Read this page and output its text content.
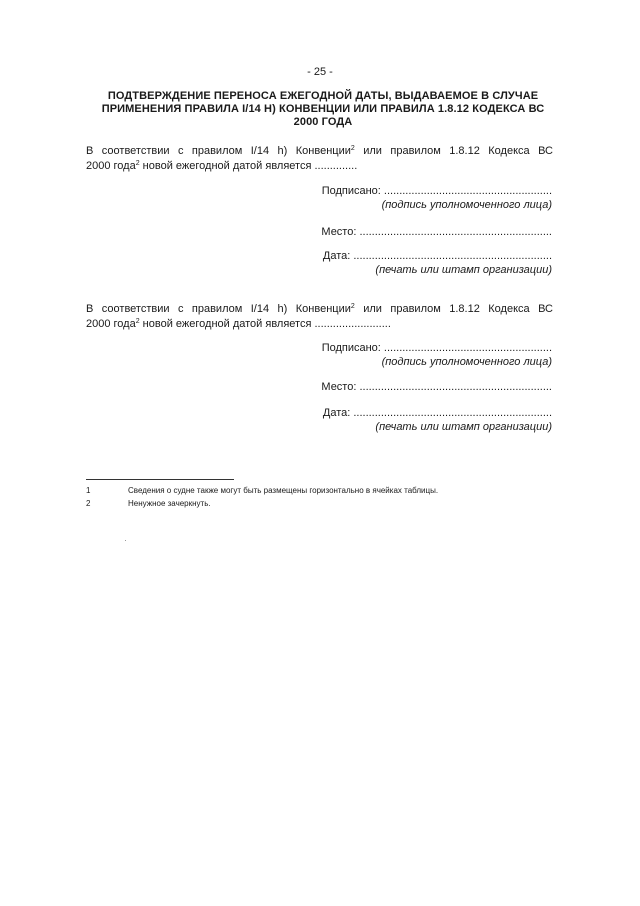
- 25 -
ПОДТВЕРЖДЕНИЕ ПЕРЕНОСА ЕЖЕГОДНОЙ ДАТЫ, ВЫДАВАЕМОЕ В СЛУЧАЕ ПРИМЕНЕНИЯ ПРАВИЛА I/14 H) КОНВЕНЦИИ ИЛИ ПРАВИЛА 1.8.12 КОДЕКСА ВС 2000 ГОДА
В соответствии с правилом I/14 h) Конвенции$^2$ или правилом 1.8.12 Кодекса ВС
2000 года$^2$ новой ежегодной датой является ..............
Подписано: .......................................................
(подпись уполномоченного лица)
Место: ...............................................................
Дата: .................................................................
(печать или штамп организации)
В соответствии с правилом I/14 h) Конвенции$^2$ или правилом 1.8.12 Кодекса ВС
2000 года$^2$ новой ежегодной датой является .........................
Подписано: .......................................................
(подпись уполномоченного лица)
Место: ...............................................................
Дата: .................................................................
(печать или штамп организации)
1	Сведения о судне также могут быть размещены горизонтально в ячейках таблицы.
2	Ненужное зачеркнуть.
